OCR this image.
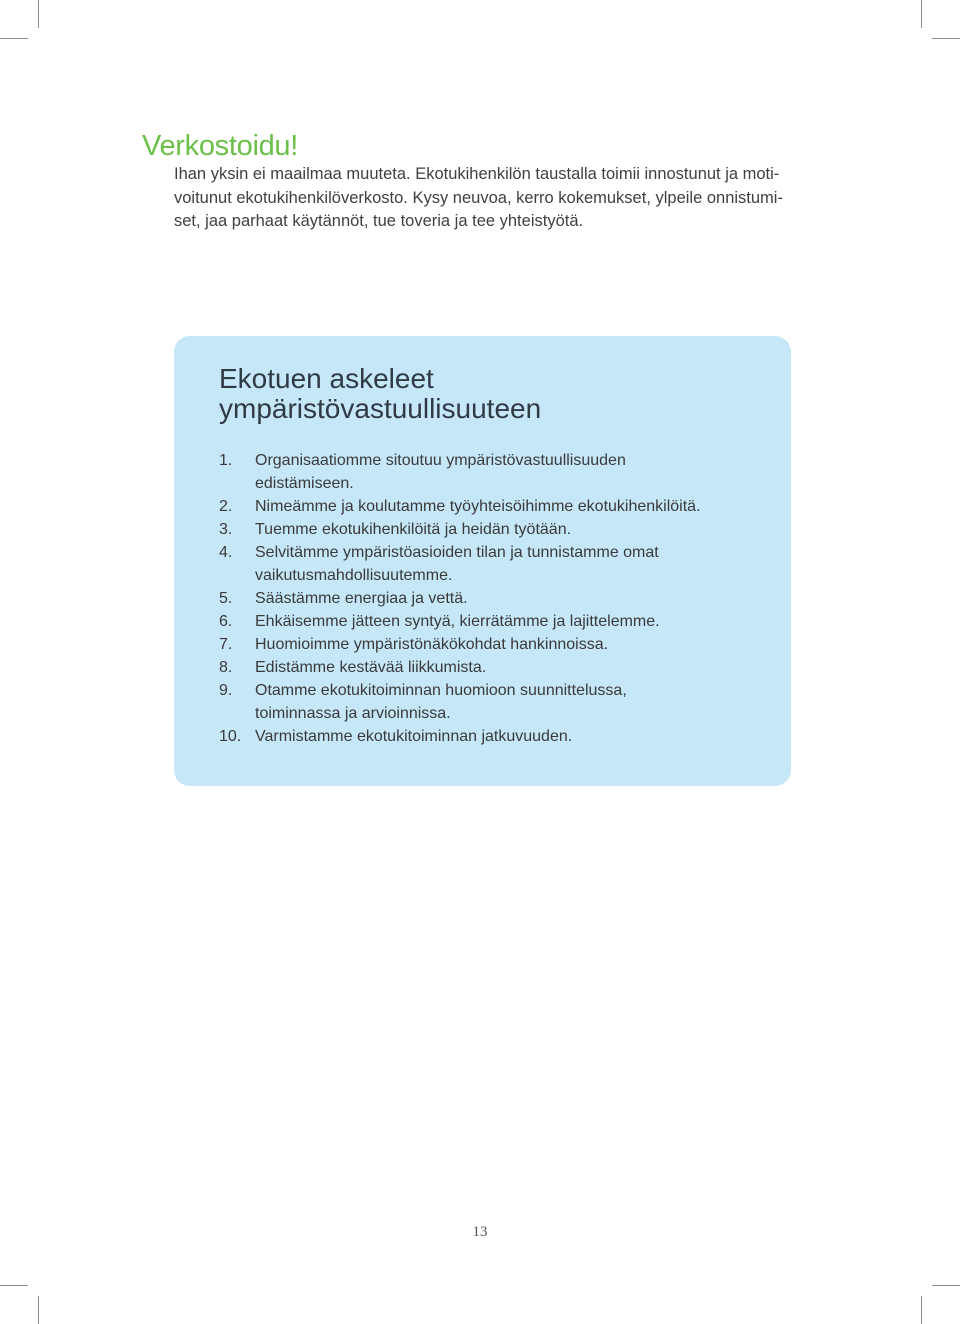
Verkostoidu!

Ihan yksin ei maailmaa muuteta. Ekotukihenkilön taustalla toimii innostunut ja moti-
voitunut ekotukihenkilöverkosto. Kysy neuvoa, kerro kokemukset, ylpeile onnistumi-
set, jaa parhaat käytännöt, tue toveria ja tee yhteistyötä.

Ekotuen askeleet
ympäristövastuullisuuteen
1.	Organisaatiomme sitoutuu ympäristövastuullisuuden
edistämiseen.
2.	Nimeämme ja koulutamme työyhteisöihimme ekotukihenkilöitä.
3.	Tuemme ekotukihenkilöitä ja heidän työtään.
4.	Selvitämme ympäristöasioiden tilan ja tunnistamme omat
vaikutusmahdollisuutemme.
5.	Säästämme energiaa ja vettä.
6.	Ehkäisemme jätteen syntyä, kierrätämme ja lajittelemme.
7.	Huomioimme ympäristönäkökohdat hankinnoissa.
8.	Edistämme kestävää liikkumista.
9.	Otamme ekotukitoiminnan huomioon suunnittelussa,
toiminnassa ja arvioinnissa.
10. Varmistamme ekotukitoiminnan jatkuvuuden.
13
